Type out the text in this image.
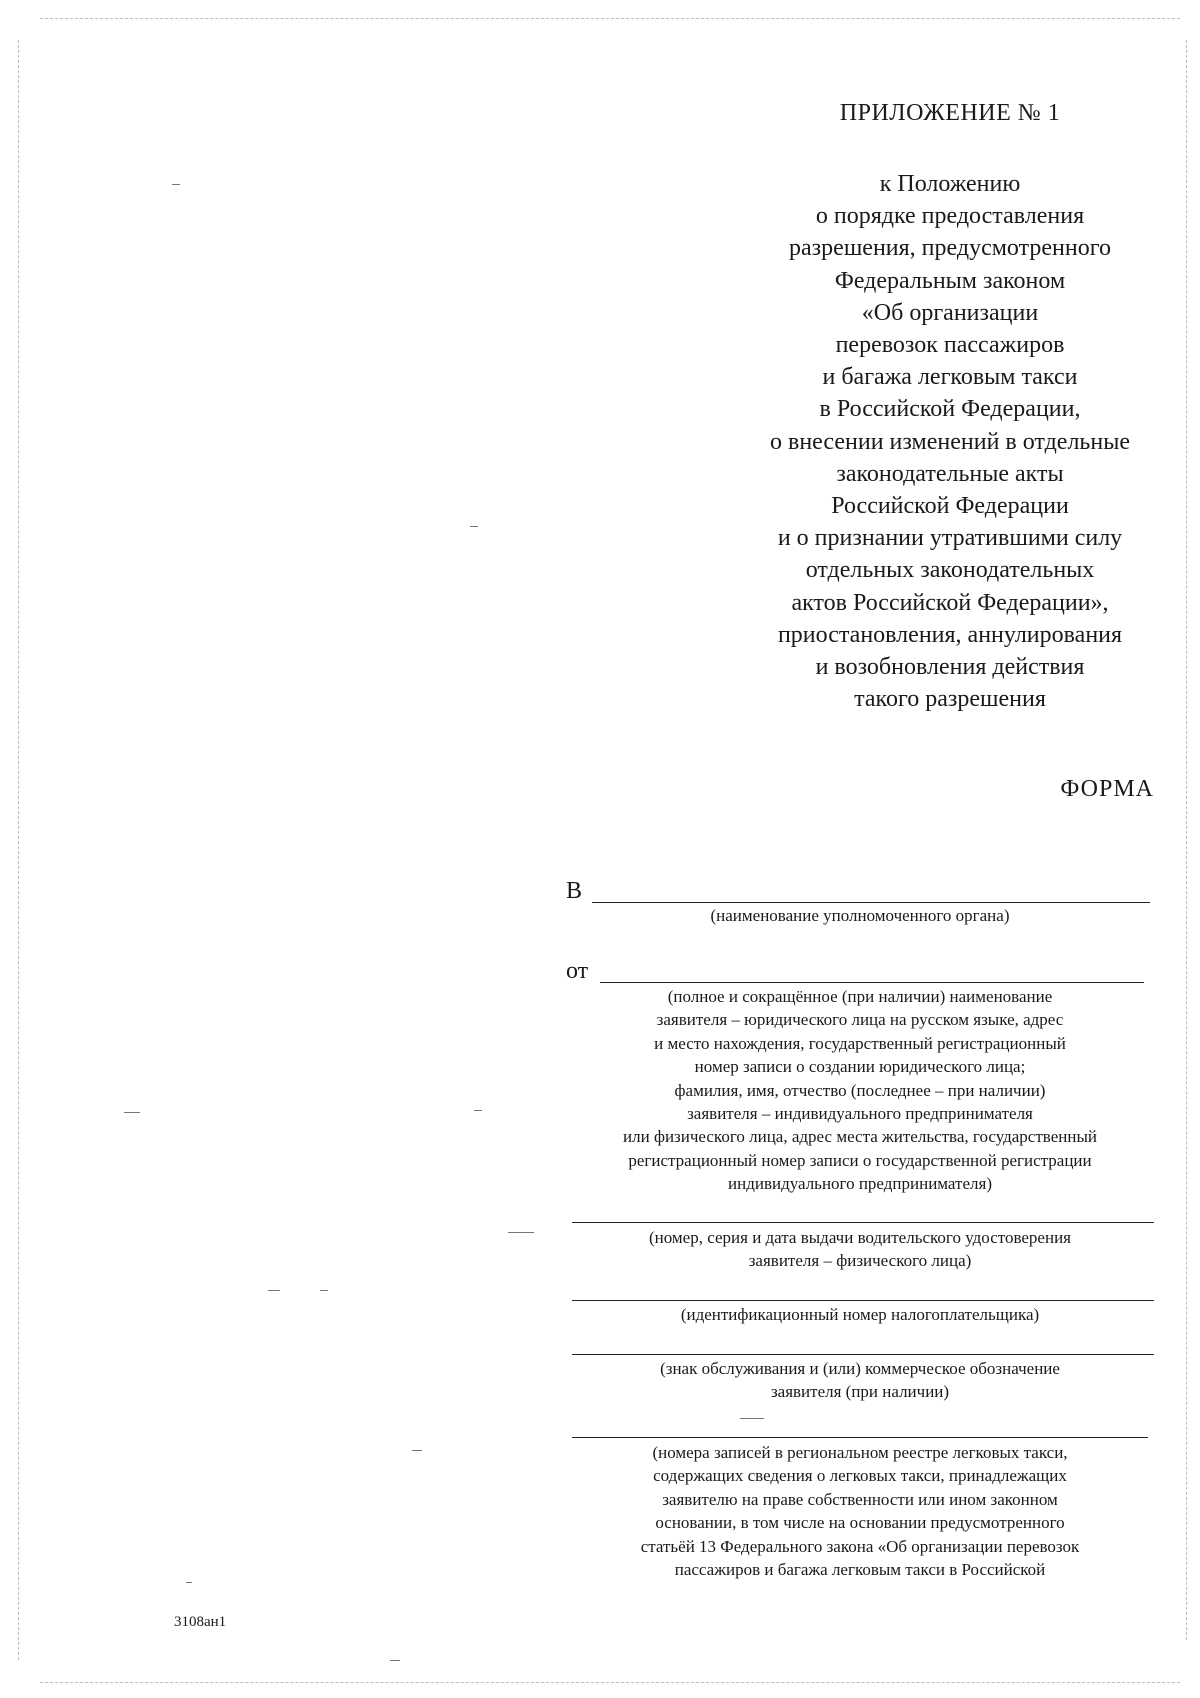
ПРИЛОЖЕНИЕ № 1
к Положению
о порядке предоставления
разрешения, предусмотренного
Федеральным законом
«Об организации
перевозок пассажиров
и багажа легковым такси
в Российской Федерации,
о внесении изменений в отдельные
законодательные акты
Российской Федерации
и о признании утратившими силу
отдельных законодательных
актов Российской Федерации»,
приостановления, аннулирования
и возобновления действия
такого разрешения
ФОРМА
В
(наименование уполномоченного органа)
от
(полное и сокращённое (при наличии) наименование
заявителя – юридического лица на русском языке, адрес
и место нахождения, государственный регистрационный
номер записи о создании юридического лица;
фамилия, имя, отчество (последнее – при наличии)
заявителя – индивидуального предпринимателя
или физического лица, адрес места жительства, государственный
регистрационный номер записи о государственной регистрации
индивидуального предпринимателя)
(номер, серия и дата выдачи водительского удостоверения
заявителя – физического лица)
(идентификационный номер налогоплательщика)
(знак обслуживания и (или) коммерческое обозначение
заявителя (при наличии)
(номера записей в региональном реестре легковых такси,
содержащих сведения о легковых такси, принадлежащих
заявителю на праве собственности или ином законном
основании, в том числе на основании предусмотренного
статьёй 13 Федерального закона «Об организации перевозок
пассажиров и багажа легковым такси в Российской
3108ан1
